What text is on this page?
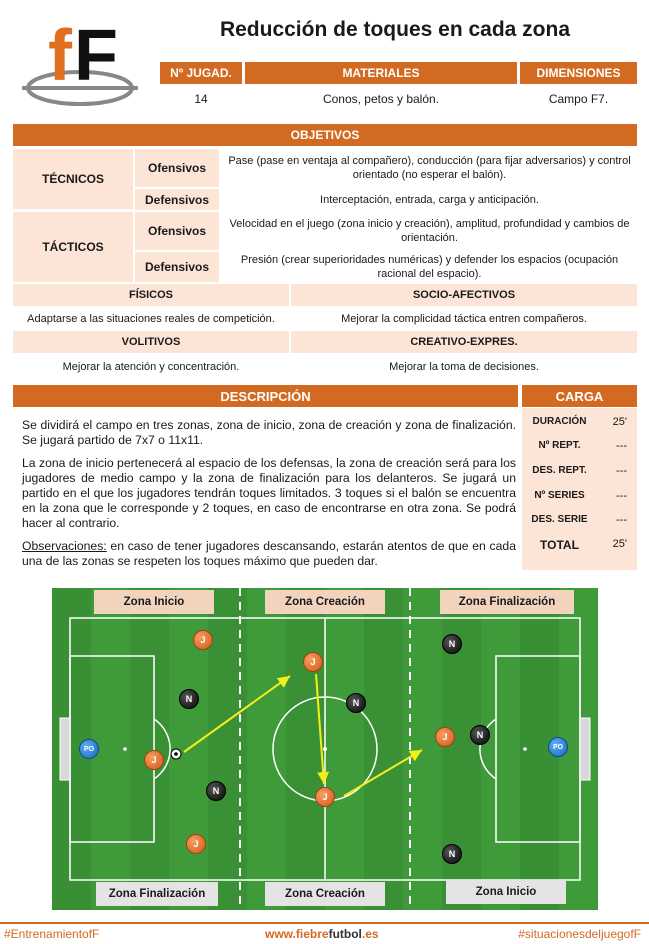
f F	Reducción de toques en cada zona
Nº JUGAD.	MATERIALES	DIMENSIONES
14	Conos, petos y balón.	Campo F7.
OBJETIVOS
TÉCNICOS
Ofensivos	Pase (pase en ventaja al compañero), conducción (para fijar adversarios) y control orientado (no esperar el balón).
Defensivos	Interceptación, entrada, carga y anticipación.
TÁCTICOS
Ofensivos	Velocidad en el juego (zona inicio y creación), amplitud, profundidad y cambios de orientación.
Defensivos	Presión (crear superioridades numéricas) y defender los espacios (ocupación racional del espacio).
FÍSICOS	SOCIO-AFECTIVOS
Adaptarse a las situaciones reales de competición.	Mejorar la complicidad táctica entren compañeros.
VOLITIVOS	CREATIVO-EXPRES.
Mejorar la atención y concentración.	Mejorar la toma de decisiones.
DESCRIPCIÓN	CARGA

Se dividirá el campo en tres zonas, zona de inicio, zona de creación y zona de finalización. Se jugará partido de 7x7 o 11x11.

La zona de inicio pertenecerá al espacio de los defensas, la zona de creación será para los jugadores de medio campo y la zona de finalización para los delanteros. Se jugará un partido en el que los jugadores tendrán toques limitados. 3 toques si el balón se encuentra en la zona que le corresponde y 2 toques, en caso de encontrarse en otra zona. Se podrá hacer al contrario.

Observaciones: en caso de tener jugadores descansando, estarán atentos de que en cada una de las zonas se respeten los toques máximo que pueden dar.

DURACIÓN	25'
Nº REPT.	---
DES. REPT.	---
Nº SERIES	---
DES. SERIE	---
TOTAL	25'
Zona Inicio	Zona Creación	Zona Finalización
Zona Finalización	Zona Creación	Zona Inicio
J
J
J
J
J
J
N
N	N
N
N
N
PO	PO
#EntrenamientofF	www.fiebrefutbol.es	#situacionesdeljuegofF
